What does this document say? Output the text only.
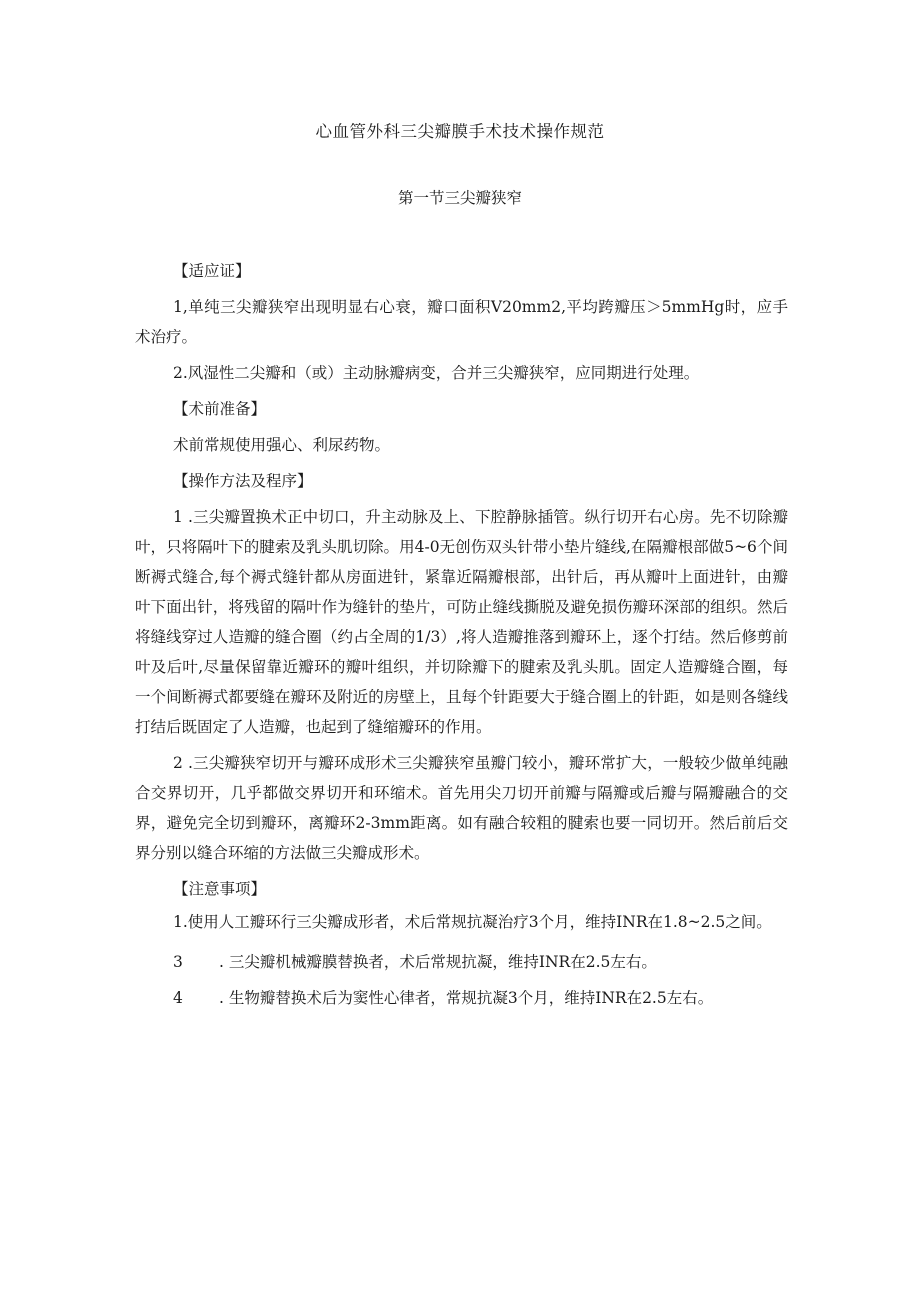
心血管外科三尖瓣膜手术技术操作规范
第一节三尖瓣狭窄
【适应证】
1,单纯三尖瓣狭窄出现明显右心衰，瓣口面积V20mm2,平均跨瓣压＞5mmHg时，应手术治疗。
2.风湿性二尖瓣和（或）主动脉瓣病变，合并三尖瓣狭窄，应同期进行处理。
【术前准备】
术前常规使用强心、利尿药物。
【操作方法及程序】
1 .三尖瓣置换术正中切口，升主动脉及上、下腔静脉插管。纵行切开右心房。先不切除瓣叶，只将隔叶下的腱索及乳头肌切除。用4-0无创伤双头针带小垫片缝线,在隔瓣根部做5~6个间断褥式缝合,每个褥式缝针都从房面进针，紧靠近隔瓣根部，出针后，再从瓣叶上面进针，由瓣叶下面出针，将残留的隔叶作为缝针的垫片，可防止缝线撕脱及避免损伤瓣环深部的组织。然后将缝线穿过人造瓣的缝合圈（约占全周的1/3）,将人造瓣推落到瓣环上，逐个打结。然后修剪前叶及后叶,尽量保留靠近瓣环的瓣叶组织，并切除瓣下的腱索及乳头肌。固定人造瓣缝合圈，每一个间断褥式都要缝在瓣环及附近的房壁上，且每个针距要大于缝合圈上的针距，如是则各缝线打结后既固定了人造瓣，也起到了缝缩瓣环的作用。
2 .三尖瓣狭窄切开与瓣环成形术三尖瓣狭窄虽瓣门较小，瓣环常扩大，一般较少做单纯融合交界切开，几乎都做交界切开和环缩术。首先用尖刀切开前瓣与隔瓣或后瓣与隔瓣融合的交界，避免完全切到瓣环，离瓣环2-3mm距离。如有融合较粗的腱索也要一同切开。然后前后交界分别以缝合环缩的方法做三尖瓣成形术。
【注意事项】
1.使用人工瓣环行三尖瓣成形者，术后常规抗凝治疗3个月，维持INR在1.8~2.5之间。
3	. 三尖瓣机械瓣膜替换者，术后常规抗凝，维持INR在2.5左右。
4	. 生物瓣替换术后为窦性心律者，常规抗凝3个月，维持INR在2.5左右。
